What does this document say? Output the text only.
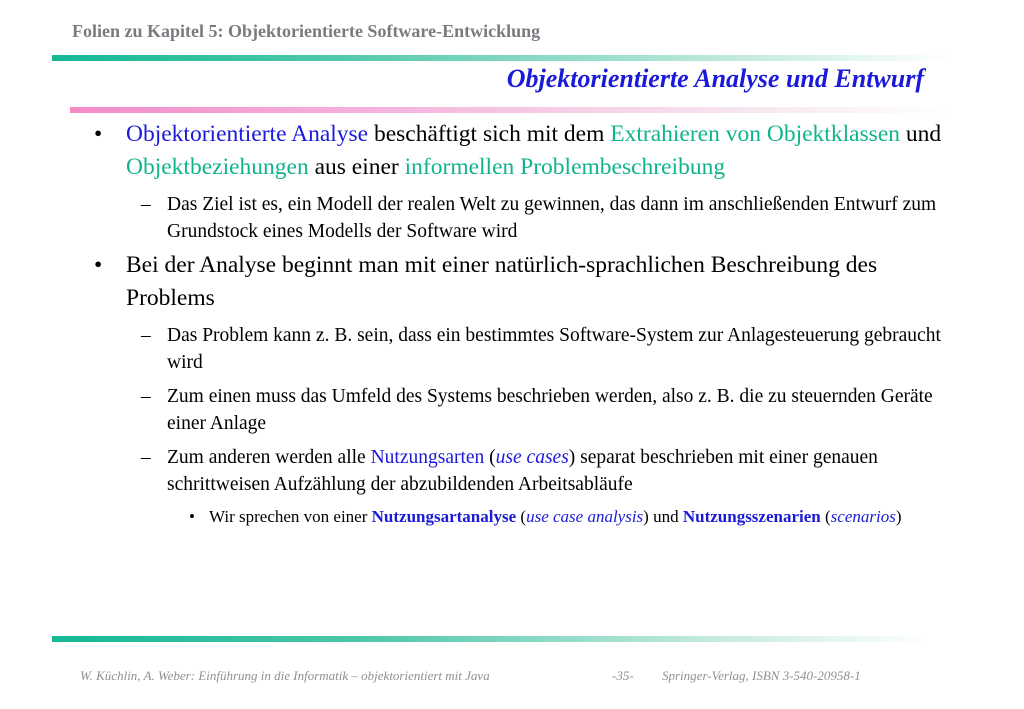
Folien zu Kapitel 5: Objektorientierte Software-Entwicklung
Objektorientierte Analyse und Entwurf
• Objektorientierte Analyse beschäftigt sich mit dem Extrahieren von Objektklassen und Objektbeziehungen aus einer informellen Problembeschreibung
– Das Ziel ist es, ein Modell der realen Welt zu gewinnen, das dann im anschließenden Entwurf zum Grundstock eines Modells der Software wird
• Bei der Analyse beginnt man mit einer natürlich-sprachlichen Beschreibung des Problems
– Das Problem kann z. B. sein, dass ein bestimmtes Software-System zur Anlagesteuerung gebraucht wird
– Zum einen muss das Umfeld des Systems beschrieben werden, also z. B. die zu steuernden Geräte einer Anlage
– Zum anderen werden alle Nutzungsarten (use cases) separat beschrieben mit einer genauen schrittweisen Aufzählung der abzubildenden Arbeitsabläufe
• Wir sprechen von einer Nutzungsartanalyse (use case analysis) und Nutzungsszenarien (scenarios)
W. Küchlin, A. Weber: Einführung in die Informatik – objektorientiert mit Java	-35- Springer-Verlag, ISBN 3-540-20958-1
